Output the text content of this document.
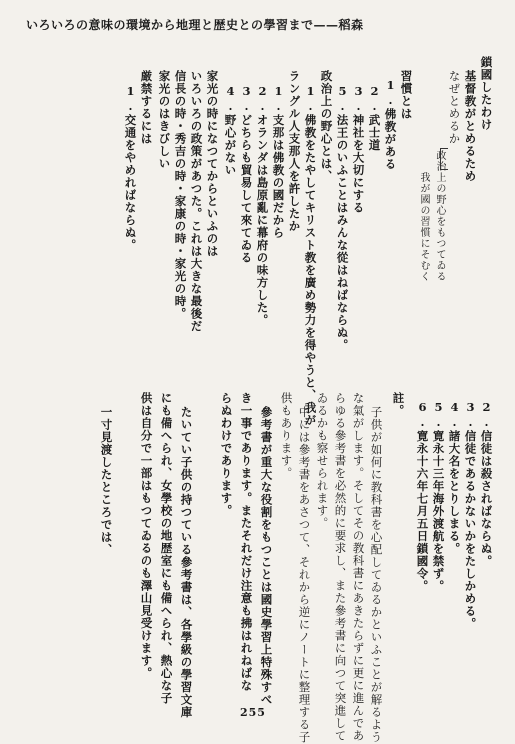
いろいろの意味の環境から地理と歴史との學習まで——稻森
鎖國したわけ
基督教がとめるため
なぜとめるか
政治上の野心をもつてゐる
我が國の習慣にそむく
習慣とは
1.佛教がある
2.武士道
3.神社を大切にする
5.法王のいふことはみんな從はねばならぬ。
政治上の野心とは、
1.佛教をたやしてキリスト教を廣め勢力を得やうと、我が
ラングル人支那人を許したか
1.支那は佛教の國だから
2.オランダは島原亂に幕府の味方した。
3.どちらも貿易して來てゐる
4.野心がない
家光の時になつてからといふのは
いろいろの政策があつた。これは大きな最後だ
信長の時・秀吉の時・家康の時・家光の時。
家光のはきびしい
厳禁するには
1.交通をやめればならぬ。
2.信徒は殺さればならぬ。
3.信徒であるかないかをたしかめる。
4.諸大名をとりしまる。
5.寛永十三年海外渡航を禁ず。
6.寛永十六年七月五日鎖國令。
註。
子供が如何に教科書を心配してゐるかといふことが解るよう
な氣がします。そしてその教科書にあきたらずに更に進んであ
らゆる參考書を必然的に要求し、また參考書に向つて突進して
ゐるかも察せられます。
中には參考書をあさつて、それから逆にノートに整理する子
供もあります。
參考書が重大な役割をもつことは國史學習上特殊すべ
き一事であります。またそれだけ注意も拂はれねばな
らぬわけであります。
たいてい子供の持つている參考書は、各學級の學習文庫
にも備へられ、女學校の地歴室にも備へられ、熱心な子
供は自分で一部はもつてゐるのも澤山見受けます。
一寸見渡したところでは、
255
